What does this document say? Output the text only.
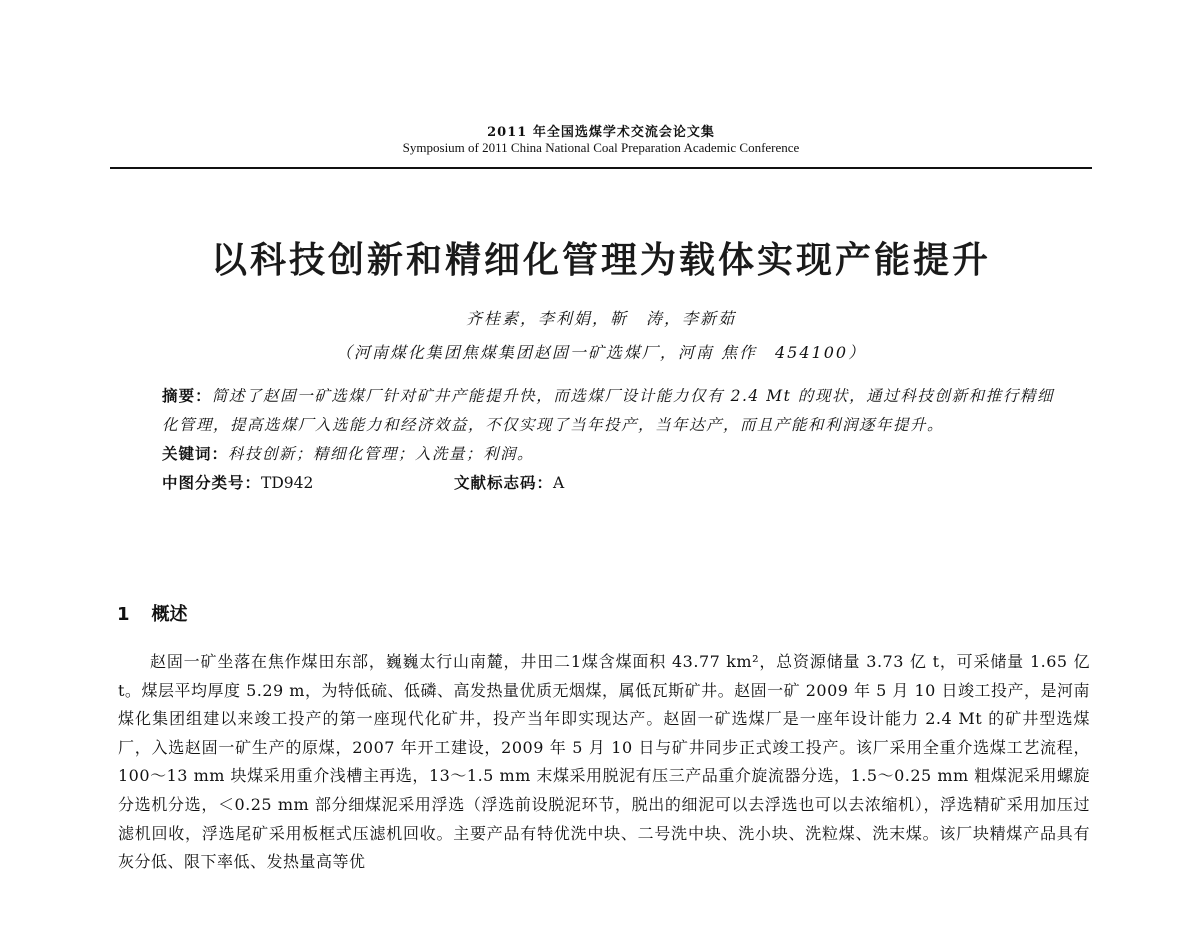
2011 年全国选煤学术交流会论文集
Symposium of 2011 China National Coal Preparation Academic Conference
以科技创新和精细化管理为载体实现产能提升
齐桂素，李利娟，靳　涛，李新茹
（河南煤化集团焦煤集团赵固一矿选煤厂，河南 焦作　454100）

摘要：简述了赵固一矿选煤厂针对矿井产能提升快，而选煤厂设计能力仅有 2.4 Mt 的现状，通过科技创新和推行精细化管理，提高选煤厂入选能力和经济效益，不仅实现了当年投产，当年达产，而且产能和利润逐年提升。

关键词：科技创新；精细化管理；入洗量；利润。

中图分类号：TD942	文献标志码：A
1 概述

赵固一矿坐落在焦作煤田东部，巍巍太行山南麓，井田二1煤含煤面积 43.77 km²，总资源储量 3.73 亿 t，可采储量 1.65 亿 t。煤层平均厚度 5.29 m，为特低硫、低磷、高发热量优质无烟煤，属低瓦斯矿井。赵固一矿 2009 年 5 月 10 日竣工投产，是河南煤化集团组建以来竣工投产的第一座现代化矿井，投产当年即实现达产。赵固一矿选煤厂是一座年设计能力 2.4 Mt 的矿井型选煤厂，入选赵固一矿生产的原煤，2007 年开工建设，2009 年 5 月 10 日与矿井同步正式竣工投产。该厂采用全重介选煤工艺流程，100～13 mm 块煤采用重介浅槽主再选，13～1.5 mm 末煤采用脱泥有压三产品重介旋流器分选，1.5～0.25 mm 粗煤泥采用螺旋分选机分选，＜0.25 mm 部分细煤泥采用浮选（浮选前设脱泥环节，脱出的细泥可以去浮选也可以去浓缩机），浮选精矿采用加压过滤机回收，浮选尾矿采用板框式压滤机回收。主要产品有特优洗中块、二号洗中块、洗小块、洗粒煤、洗末煤。该厂块精煤产品具有灰分低、限下率低、发热量高等优
